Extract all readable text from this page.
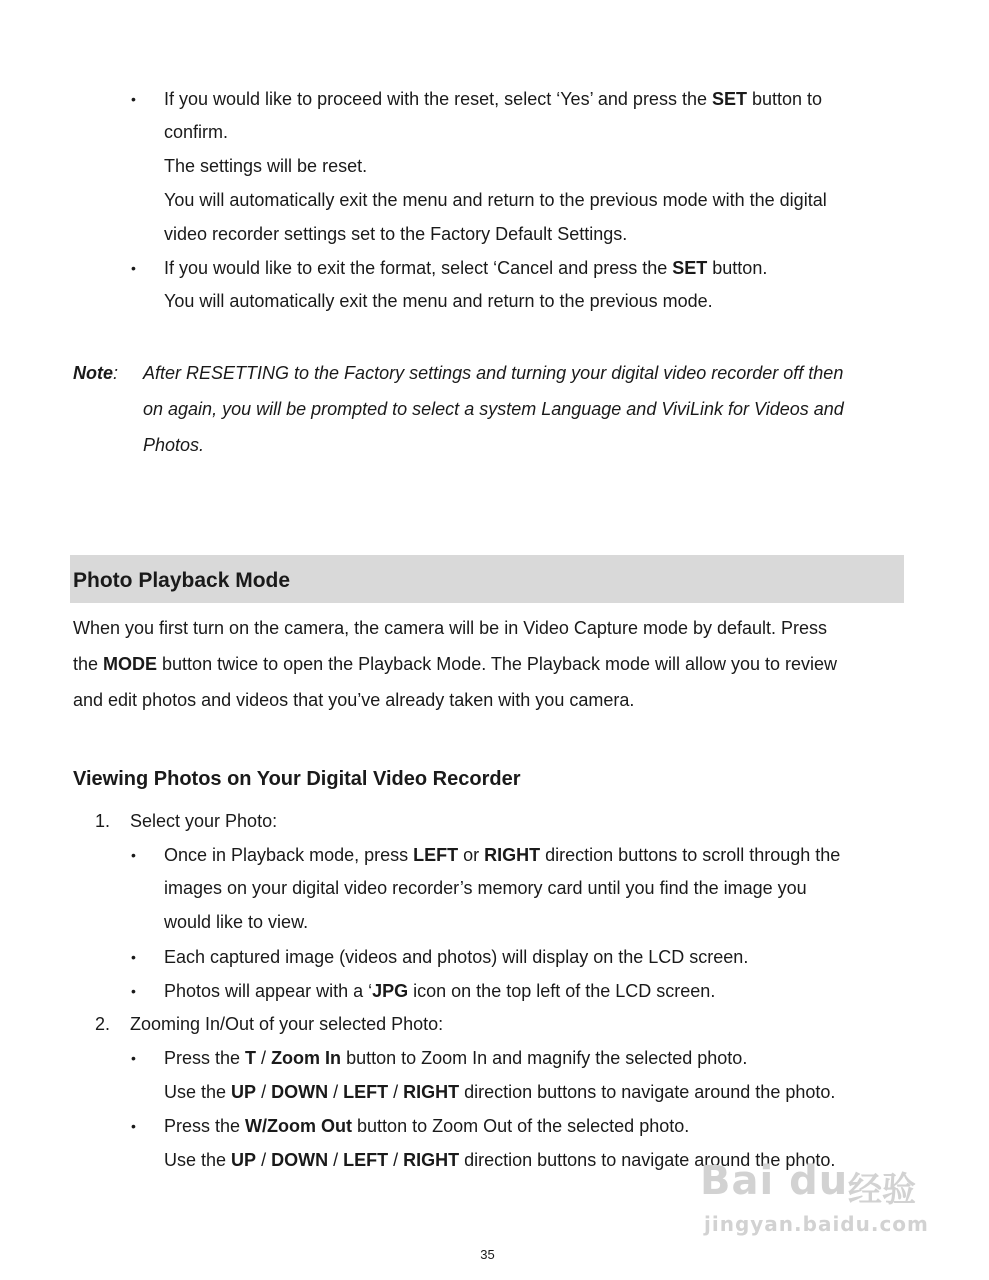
• If you would like to proceed with the reset, select ‘Yes’ and press the SET button to
confirm.
The settings will be reset.
You will automatically exit the menu and return to the previous mode with the digital
video recorder settings set to the Factory Default Settings.
• If you would like to exit the format, select ‘Cancel and press the SET button.
You will automatically exit the menu and return to the previous mode.
Note: After RESETTING to the Factory settings and turning your digital video recorder off then
on again, you will be prompted to select a system Language and ViviLink for Videos and
Photos.
Photo Playback Mode
When you first turn on the camera, the camera will be in Video Capture mode by default. Press
the MODE button twice to open the Playback Mode. The Playback mode will allow you to review
and edit photos and videos that you’ve already taken with you camera.
Viewing Photos on Your Digital Video Recorder
1. Select your Photo:
• Once in Playback mode, press LEFT or RIGHT direction buttons to scroll through the
images on your digital video recorder’s memory card until you find the image you
would like to view.
• Each captured image (videos and photos) will display on the LCD screen.
• Photos will appear with a ‘JPG icon on the top left of the LCD screen.
2. Zooming In/Out of your selected Photo:
• Press the T / Zoom In button to Zoom In and magnify the selected photo.
Use the UP / DOWN / LEFT / RIGHT direction buttons to navigate around the photo.
• Press the W/Zoom Out button to Zoom Out of the selected photo.
Use the UP / DOWN / LEFT / RIGHT direction buttons to navigate around the photo.
Bai du 经验
jingyan.baidu.com
35
